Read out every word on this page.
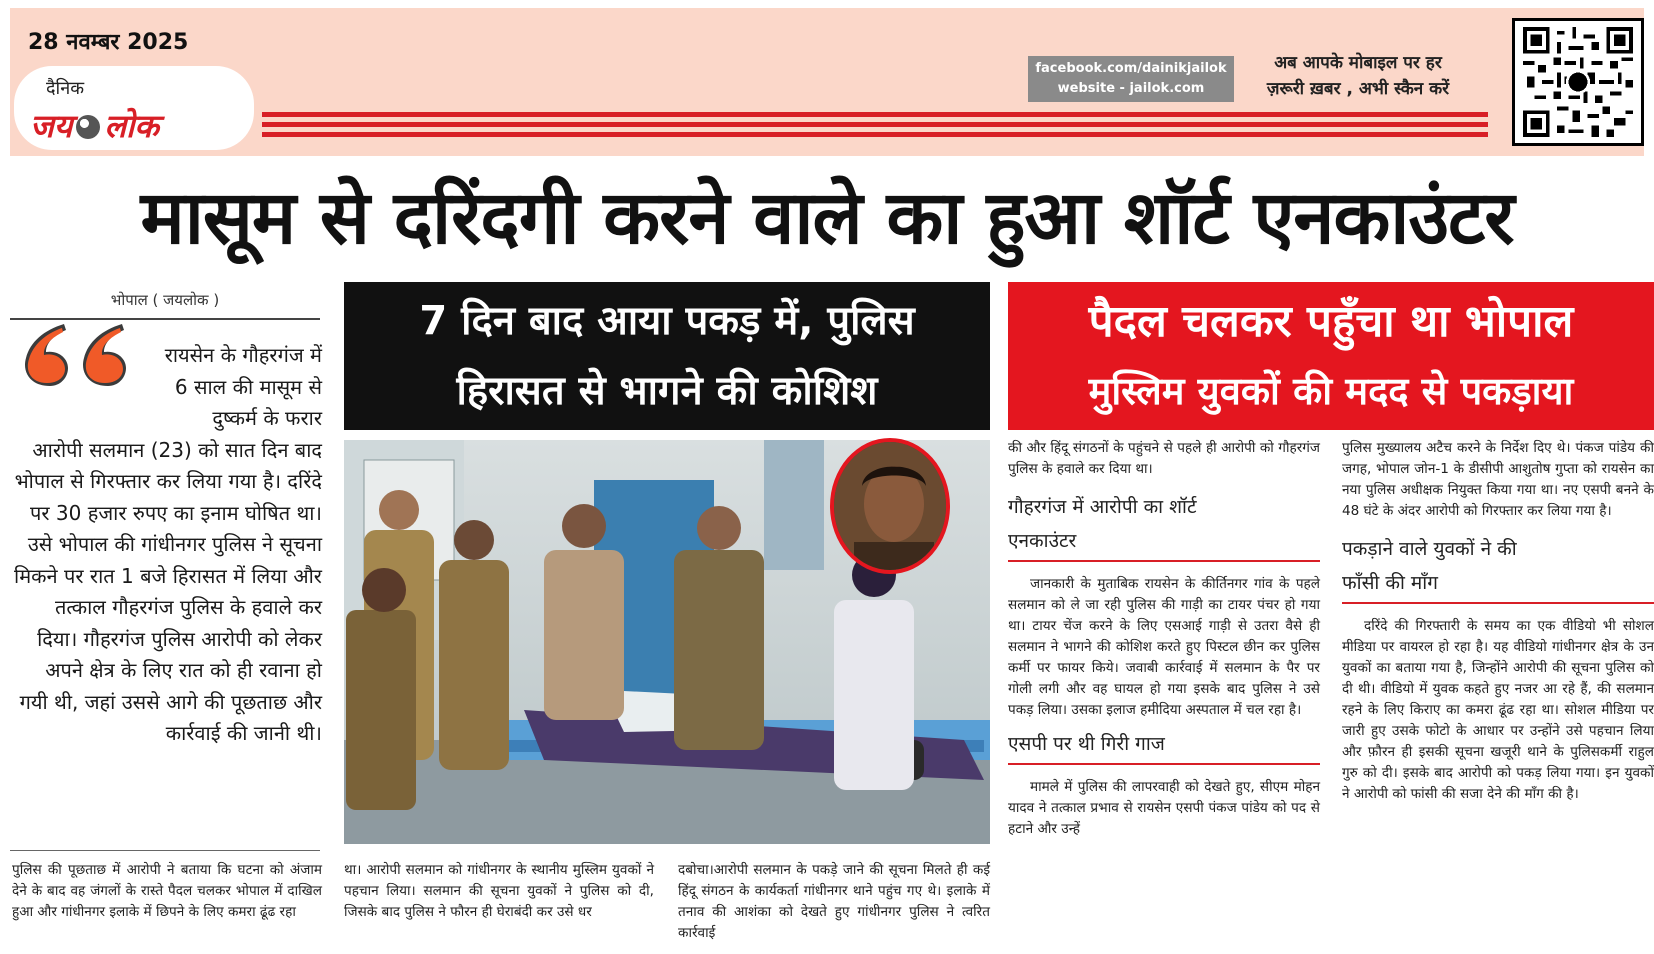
28 नवम्बर 2025
दैनिक
जय लोक
facebook.com/dainikjailok
website - jailok.com
अब आपके मोबाइल पर हर
ज़रूरी ख़बर , अभी स्कैन करें
मासूम से दरिंदगी करने वाले का हुआ शॉर्ट एनकाउंटर
7 दिन बाद आया पकड़ में, पुलिस
हिरासत से भागने की कोशिश
पैदल चलकर पहुँचा था भोपाल
मुस्लिम युवकों की मदद से पकड़ाया
भोपाल ( जयलोक )
रायसेन के गौहरगंज में 6 साल की मासूम से दुष्कर्म के फरार आरोपी सलमान (23) को सात दिन बाद भोपाल से गिरफ्तार कर लिया गया है। दरिंदे पर 30 हजार रुपए का इनाम घोषित था। उसे भोपाल की गांधीनगर पुलिस ने सूचना मिकने पर रात 1 बजे हिरासत में लिया और तत्काल गौहरगंज पुलिस के हवाले कर दिया। गौहरगंज पुलिस आरोपी को लेकर अपने क्षेत्र के लिए रात को ही रवाना हो गयी थी, जहां उससे आगे की पूछताछ और कार्रवाई की जानी थी।
पुलिस की पूछताछ में आरोपी ने बताया कि घटना को अंजाम देने के बाद वह जंगलों के रास्ते पैदल चलकर भोपाल में दाखिल हुआ और गांधीनगर इलाके में छिपने के लिए कमरा ढूंढ रहा
था। आरोपी सलमान को गांधीनगर के स्थानीय मुस्लिम युवकों ने पहचान लिया। सलमान की सूचना युवकों ने पुलिस को दी, जिसके बाद पुलिस ने फौरन ही घेराबंदी कर उसे धर
दबोचा।आरोपी सलमान के पकड़े जाने की सूचना मिलते ही कई हिंदू संगठन के कार्यकर्ता गांधीनगर थाने पहुंच गए थे। इलाके में तनाव की आशंका को देखते हुए गांधीनगर पुलिस ने त्वरित कार्रवाई
की और हिंदू संगठनों के पहुंचने से पहले ही आरोपी को गौहरगंज पुलिस के हवाले कर दिया था।
गौहरगंज में आरोपी का शॉर्ट एनकाउंटर
जानकारी के मुताबिक रायसेन के कीर्तिनगर गांव के पहले सलमान को ले जा रही पुलिस की गाड़ी का टायर पंचर हो गया था। टायर चेंज करने के लिए एसआई गाड़ी से उतरा वैसे ही सलमान ने भागने की कोशिश करते हुए पिस्टल छीन कर पुलिस कर्मी पर फायर किये। जवाबी कार्रवाई में सलमान के पैर पर गोली लगी और वह घायल हो गया इसके बाद पुलिस ने उसे पकड़ लिया। उसका इलाज हमीदिया अस्पताल में चल रहा है।
एसपी पर थी गिरी गाज
मामले में पुलिस की लापरवाही को देखते हुए, सीएम मोहन यादव ने तत्काल प्रभाव से रायसेन एसपी पंकज पांडेय को पद से हटाने और उन्हें
पुलिस मुख्यालय अटैच करने के निर्देश दिए थे। पंकज पांडेय की जगह, भोपाल जोन-1 के डीसीपी आशुतोष गुप्ता को रायसेन का नया पुलिस अधीक्षक नियुक्त किया गया था। नए एसपी बनने के 48 घंटे के अंदर आरोपी को गिरफ्तार कर लिया गया है।
पकड़ाने वाले युवकों ने की फाँसी की माँग
दरिंदे की गिरफ्तारी के समय का एक वीडियो भी सोशल मीडिया पर वायरल हो रहा है। यह वीडियो गांधीनगर क्षेत्र के उन युवकों का बताया गया है, जिन्होंने आरोपी की सूचना पुलिस को दी थी। वीडियो में युवक कहते हुए नजर आ रहे हैं, की सलमान रहने के लिए किराए का कमरा ढूंढ रहा था। सोशल मीडिया पर जारी हुए उसके फोटो के आधार पर उन्होंने उसे पहचान लिया और फ़ौरन ही इसकी सूचना खजूरी थाने के पुलिसकर्मी राहुल गुरु को दी। इसके बाद आरोपी को पकड़ लिया गया। इन युवकों ने आरोपी को फांसी की सजा देने की माँग की है।
